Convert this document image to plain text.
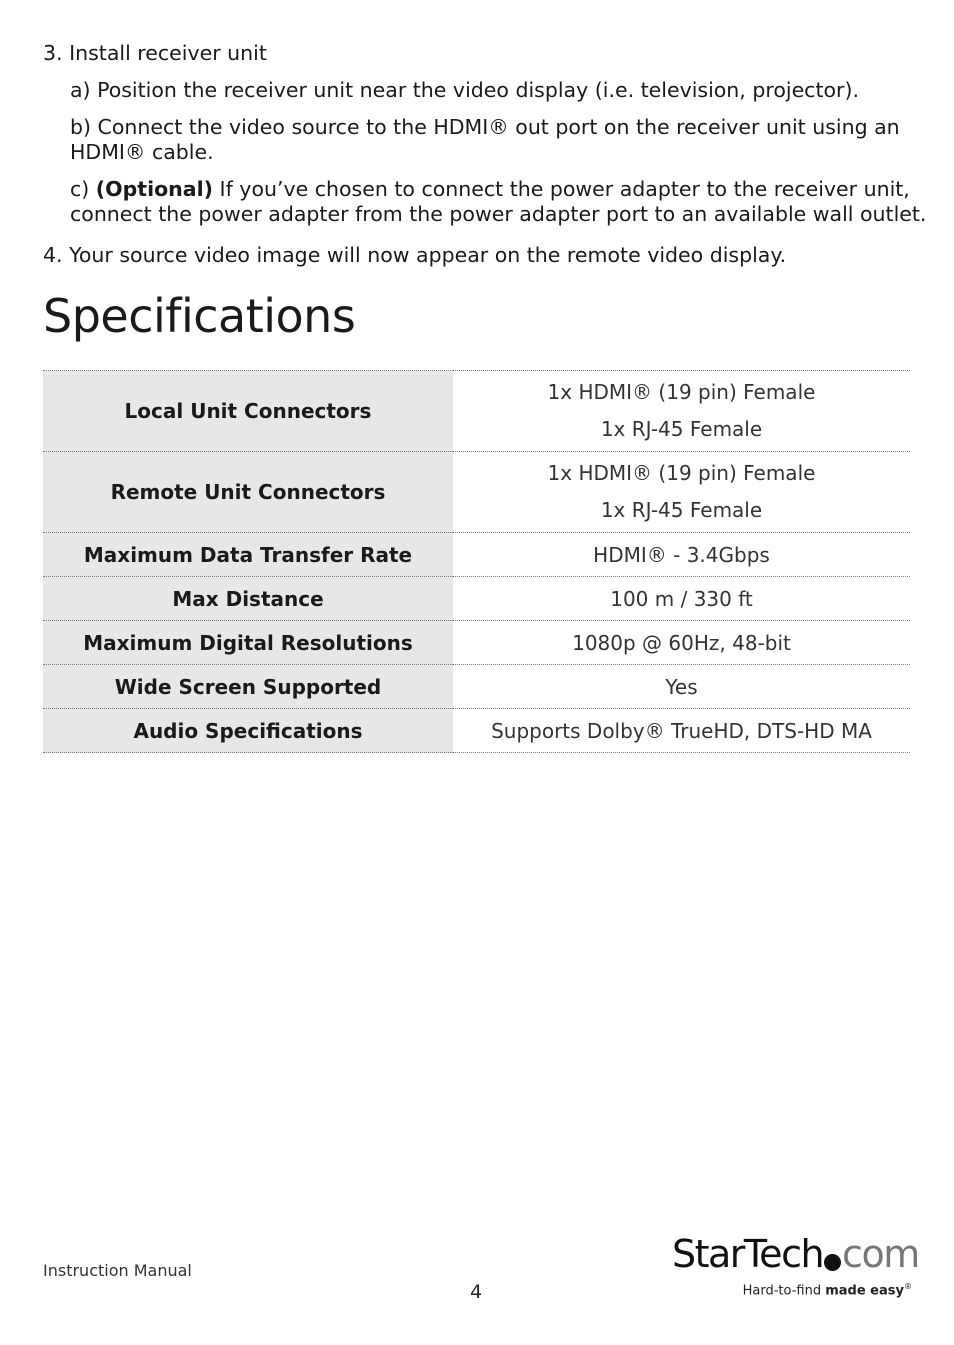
3. Install receiver unit

a) Position the receiver unit near the video display (i.e. television, projector).

b) Connect the video source to the HDMI® out port on the receiver unit using an HDMI® cable.

c) (Optional) If you’ve chosen to connect the power adapter to the receiver unit, connect the power adapter from the power adapter port to an available wall outlet.

4. Your source video image will now appear on the remote video display.

Specifications
Local Unit Connectors	1x HDMI® (19 pin) Female
1x RJ-45 Female

Remote Unit Connectors	1x HDMI® (19 pin) Female
1x RJ-45 Female

Maximum Data Transfer Rate	HDMI® - 3.4Gbps
Max Distance	100 m / 330 ft
Maximum Digital Resolutions	1080p @ 60Hz, 48-bit
Wide Screen Supported	Yes
Audio Specifications	Supports Dolby® TrueHD, DTS-HD MA
Instruction Manual
4
StarTech com
Hard-to-find made easy®
